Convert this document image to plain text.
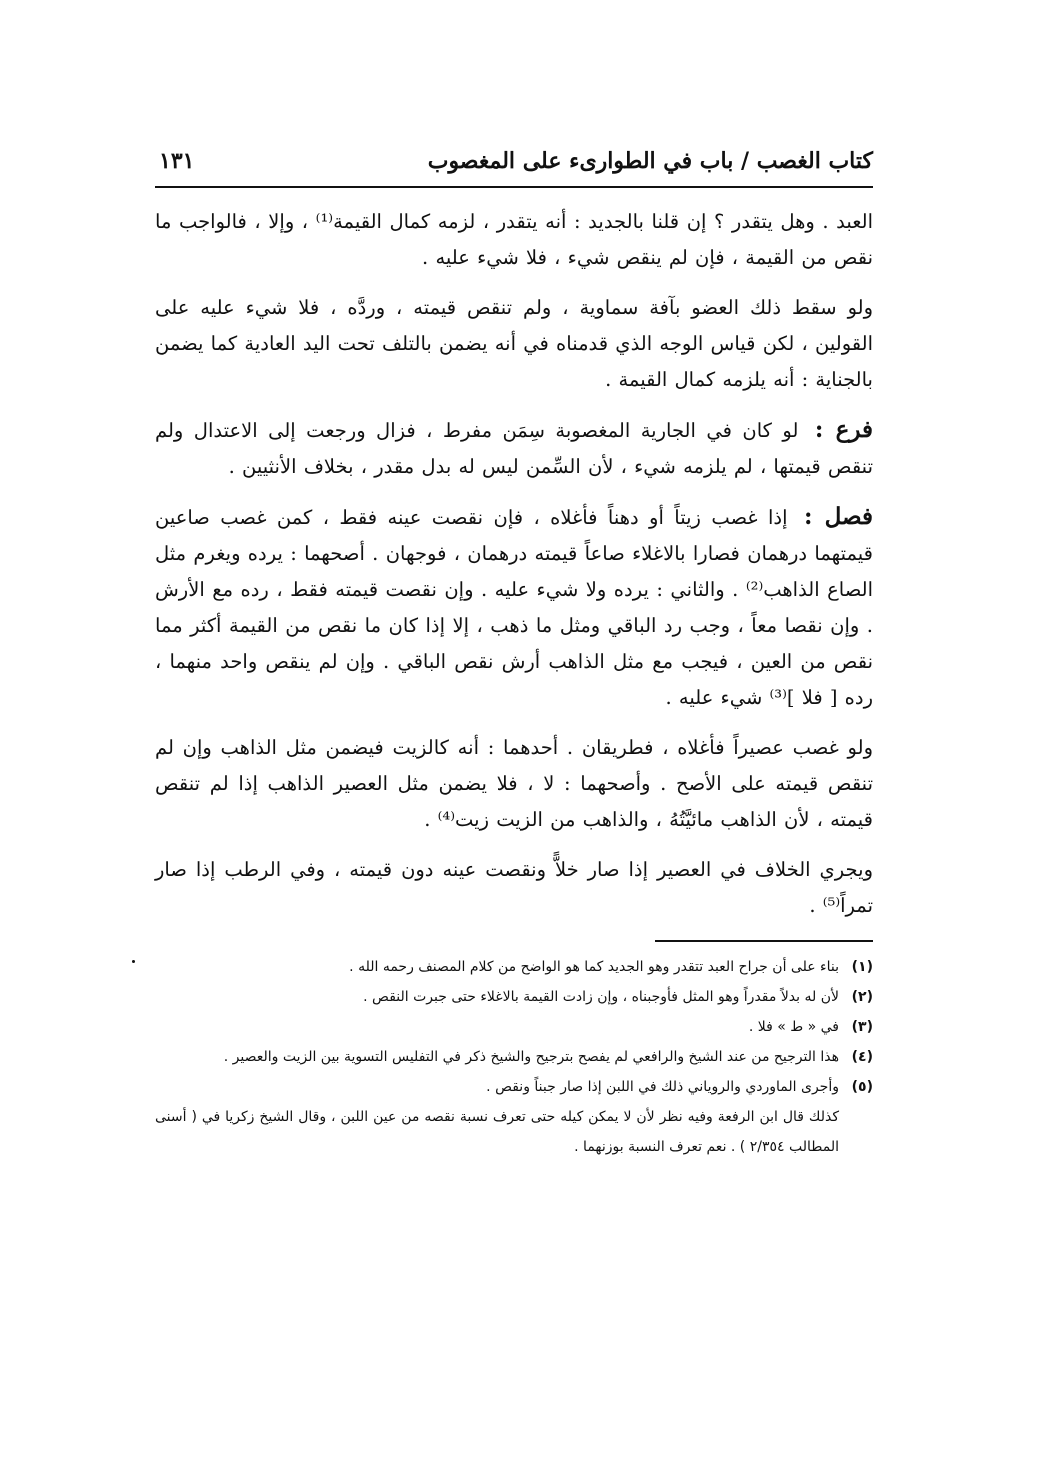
كتاب الغصب / باب في الطوارىء على المغصوب
١٣١

العبد . وهل يتقدر ؟ إن قلنا بالجديد : أنه يتقدر ، لزمه كمال القيمة⁽¹⁾ ، وإلا ، فالواجب ما نقص من القيمة ، فإن لم ينقص شيء ، فلا شيء عليه .

ولو سقط ذلك العضو بآفة سماوية ، ولم تنقص قيمته ، وردَّه ، فلا شيء عليه على القولين ، لكن قياس الوجه الذي قدمناه في أنه يضمن بالتلف تحت اليد العادية كما يضمن بالجناية : أنه يلزمه كمال القيمة .

فرع : لو كان في الجارية المغصوبة سِمَن مفرط ، فزال ورجعت إلى الاعتدال ولم تنقص قيمتها ، لم يلزمه شيء ، لأن السِّمن ليس له بدل مقدر ، بخلاف الأنثيين .

فصل : إذا غصب زيتاً أو دهناً فأغلاه ، فإن نقصت عينه فقط ، كمن غصب صاعين قيمتهما درهمان فصارا بالاغلاء صاعاً قيمته درهمان ، فوجهان . أصحهما : يرده ويغرم مثل الصاع الذاهب⁽²⁾ . والثاني : يرده ولا شيء عليه . وإن نقصت قيمته فقط ، رده مع الأرش . وإن نقصا معاً ، وجب رد الباقي ومثل ما ذهب ، إلا إذا كان ما نقص من القيمة أكثر مما نقص من العين ، فيجب مع مثل الذاهب أرش نقص الباقي . وإن لم ينقص واحد منهما ، رده [ فلا ]⁽³⁾ شيء عليه .

ولو غصب عصيراً فأغلاه ، فطريقان . أحدهما : أنه كالزيت فيضمن مثل الذاهب وإن لم تنقص قيمته على الأصح . وأصحهما : لا ، فلا يضمن مثل العصير الذاهب إذا لم تنقص قيمته ، لأن الذاهب مائيَّتُهُ ، والذاهب من الزيت زيت⁽⁴⁾ .

ويجري الخلاف في العصير إذا صار خلاًّ ونقصت عينه دون قيمته ، وفي الرطب إذا صار تمراً⁽⁵⁾ .

(١)
بناء على أن جراح العبد تتقدر وهو الجديد كما هو الواضح من كلام المصنف رحمه الله .
(٢)
لأن له بدلاً مقدراً وهو المثل فأوجبناه ، وإن زادت القيمة بالاغلاء حتى جبرت النقص .
(٣)
في « ط » فلا .
(٤)
هذا الترجيح من عند الشيخ والرافعي لم يفصح بترجيح والشيخ ذكر في التفليس التسوية بين الزيت والعصير .
(٥)
وأجرى الماوردي والروياني ذلك في اللبن إذا صار جبناً ونقص .
كذلك قال ابن الرفعة وفيه نظر لأن لا يمكن كيله حتى تعرف نسبة نقصه من عين اللبن ، وقال الشيخ زكريا في ( أسنى المطالب ٢/٣٥٤ ) . نعم تعرف النسبة بوزنهما .
